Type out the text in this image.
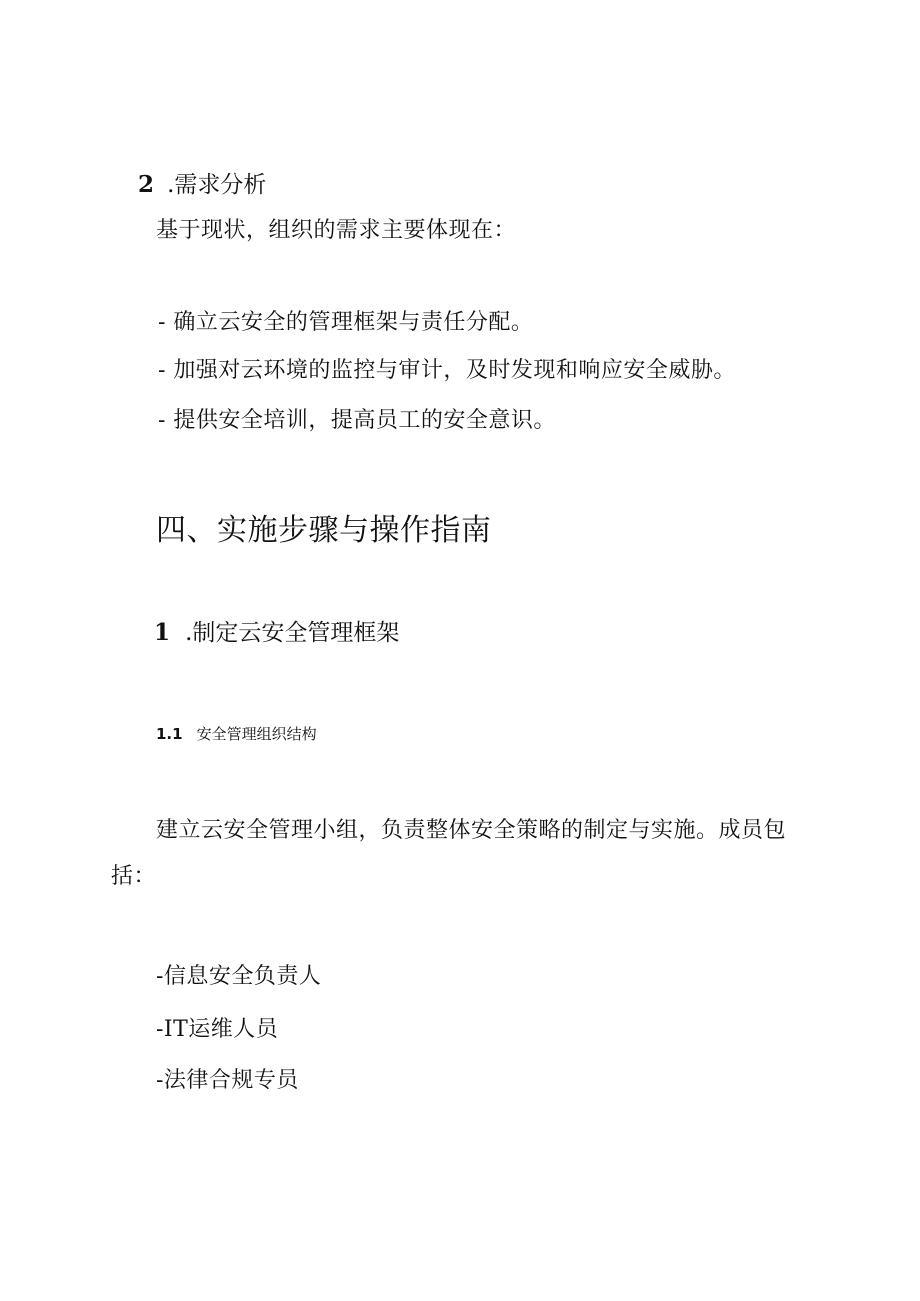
2 .需求分析
基于现状，组织的需求主要体现在：
- 确立云安全的管理框架与责任分配。
- 加强对云环境的监控与审计，及时发现和响应安全威胁。
- 提供安全培训，提高员工的安全意识。
四、实施步骤与操作指南
1 .制定云安全管理框架
1.1 安全管理组织结构
建立云安全管理小组，负责整体安全策略的制定与实施。成员包
括：
-信息安全负责人
-IT运维人员
-法律合规专员
